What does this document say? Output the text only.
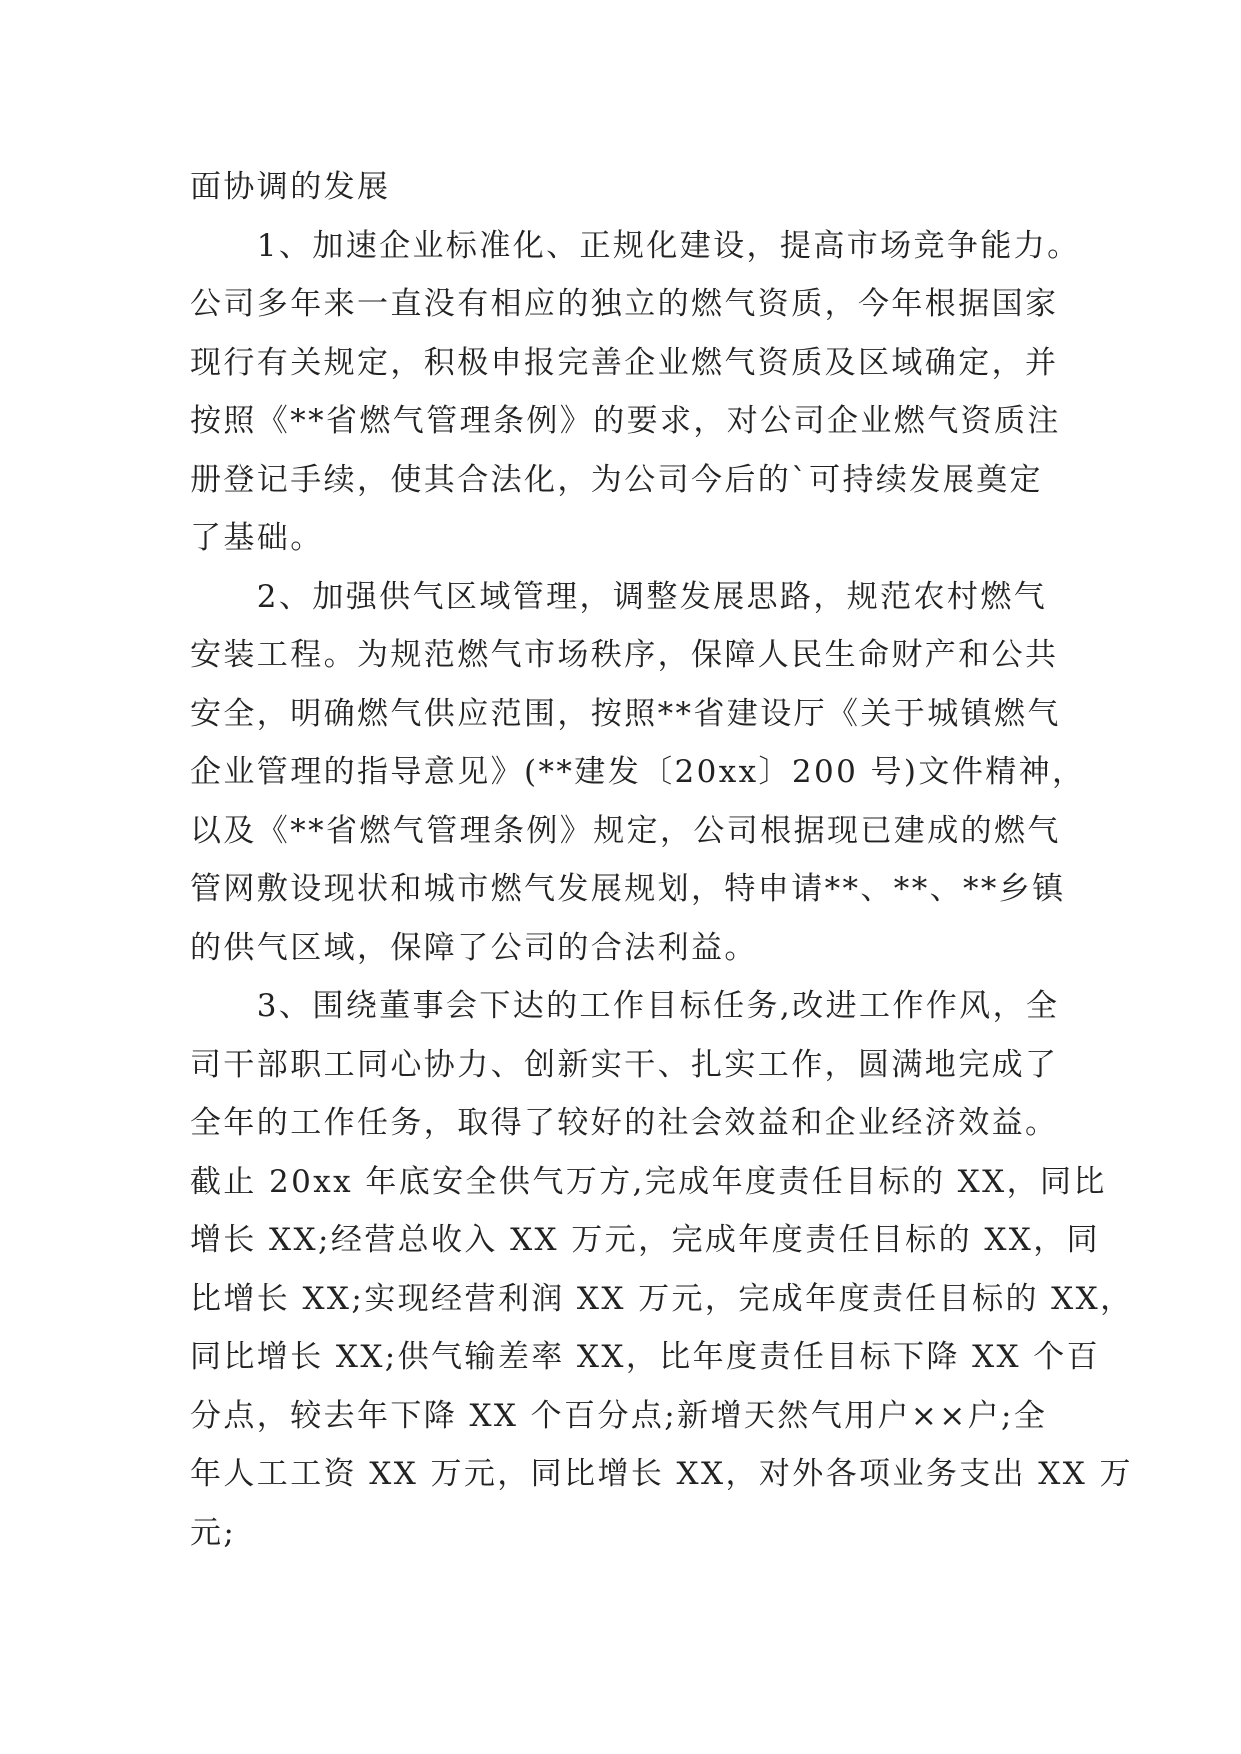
面协调的发展
　　1、加速企业标准化、正规化建设，提高市场竞争能力。
公司多年来一直没有相应的独立的燃气资质，今年根据国家
现行有关规定，积极申报完善企业燃气资质及区域确定，并
按照《**省燃气管理条例》的要求，对公司企业燃气资质注
册登记手续，使其合法化，为公司今后的`可持续发展奠定
了基础。
　　2、加强供气区域管理，调整发展思路，规范农村燃气
安装工程。为规范燃气市场秩序，保障人民生命财产和公共
安全，明确燃气供应范围，按照**省建设厅《关于城镇燃气
企业管理的指导意见》(**建发〔20xx〕200 号)文件精神，
以及《**省燃气管理条例》规定，公司根据现已建成的燃气
管网敷设现状和城市燃气发展规划，特申请**、**、**乡镇
的供气区域，保障了公司的合法利益。
　　3、围绕董事会下达的工作目标任务,改进工作作风，全
司干部职工同心协力、创新实干、扎实工作，圆满地完成了
全年的工作任务，取得了较好的社会效益和企业经济效益。
截止 20xx 年底安全供气万方,完成年度责任目标的 XX，同比
增长 XX;经营总收入 XX 万元，完成年度责任目标的 XX，同
比增长 XX;实现经营利润 XX 万元，完成年度责任目标的 XX，
同比增长 XX;供气输差率 XX，比年度责任目标下降 XX 个百
分点，较去年下降 XX 个百分点;新增天然气用户××户;全
年人工工资 XX 万元，同比增长 XX，对外各项业务支出 XX 万
元;
